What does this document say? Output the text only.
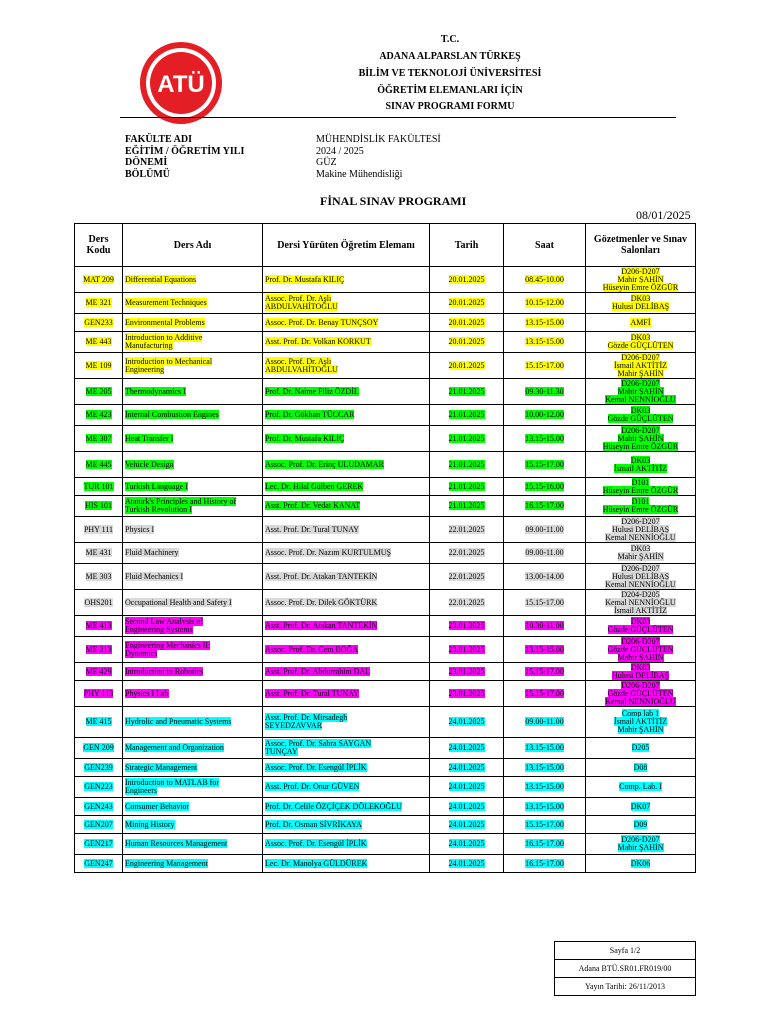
ATÜ
T.C.
ADANA ALPARSLAN TÜRKEŞ
BİLİM VE TEKNOLOJİ ÜNİVERSİTESİ
ÖĞRETİM ELEMANLARI İÇİN
SINAV PROGRAMI FORMU
FAKÜLTE ADI	MÜHENDİSLİK FAKÜLTESİ
EĞİTİM / ÖĞRETİM YILI	2024 / 2025
DÖNEMİ	GÜZ
BÖLÜMÜ	Makine Mühendisliği
FİNAL SINAV PROGRAMI
08/01/2025
Ders Kodu	Ders Adı	Dersi Yürüten Öğretim Elemanı	Tarih	Saat	Gözetmenler ve Sınav Salonları
MAT 209	Differential Equations	Prof. Dr. Mustafa KILIÇ	20.01.2025	08.45-10.00	D206-D207
Mahir ŞAHİN
Hüseyin Emre ÖZGÜR
ME 321	Measurement Techniques	Assoc. Prof. Dr. Aşlı
ABDULVAHİTOĞLU	20.01.2025	10.15-12.00	DK03
Hulusi DELİBAŞ
GEN233	Environmental Problems	Assoc. Prof. Dr. Benay TUNÇSOY	20.01.2025	13.15-15.00	AMFİ
ME 443	Introduction to Additive
Manufacturing	Asst. Prof. Dr. Volkan KORKUT	20.01.2025	13.15-15.00	DK03
Gözde GÜÇLÜTEN
ME 109	Introduction to Mechanical
Engineering	Assoc. Prof. Dr. Aşlı
ABDULVAHİTOĞLU	20.01.2025	15.15-17.00	D206-D207
İsmail AKTİTİZ
Mahir ŞAHİN
ME 205	Thermodynamics I	Prof. Dr. Naime Filiz ÖZDİL	21.01.2025	09.30-11.30	D206-D207
Mahir ŞAHİN
Kemal NENNİOĞLU
ME 423	Internal Combustion Engines	Prof. Dr. Gökhan TÜCCAR	21.01.2025	10.00-12.00	DK03
Gözde GÜÇLÜTEN
ME 307	Heat Transfer I	Prof. Dr. Mustafa KILIÇ	21.01.2025	13.15-15.00	D206-D207
Mahir ŞAHİN
Hüseyin Emre ÖZGÜR
ME 445	Vehicle Design	Assoc. Prof. Dr. Erinç ULUDAMAR	21.01.2025	15.15-17.00	DK03
İsmail AKTİTİZ
TUR 101	Turkish Language I	Lec. Dr. Hilal Gülben GEREK	21.01.2025	15.15-16.00	D101
Hüseyin Emre ÖZGÜR
HIS 101	Ataturk's Principles and History of
Turkish Revolution I	Asst. Prof. Dr. Vedat KANAT	21.01.2025	16.15-17.00	D101
Hüseyin Emre ÖZGÜR
PHY 111	Physics I	Asst. Prof. Dr. Tural TUNAY	22.01.2025	09.00-11.00	D206-D207
Hulusi DELİBAŞ
Kemal NENNİOĞLU
ME 431	Fluid Machinery	Assoc. Prof. Dr. Nazım KURTULMUŞ	22.01.2025	09.00-11.00	DK03
Mahir ŞAHİN
ME 303	Fluid Mechanics I	Asst. Prof. Dr. Atakan TANTEKİN	22.01.2025	13.00-14.00	D206-D207
Hulusi DELİBAŞ
Kemal NENNİOĞLU
OHS201	Occupational Health and Safety I	Assoc. Prof. Dr. Dilek GÖKTÜRK	22.01.2025	15.15-17.00	D204-D205
Kemal NENNİOĞLU
İsmail AKTİTİZ
ME 413	Second Law Analysis of
Engineering Systems	Asst. Prof. Dr. Atakan TANTEKİN	23.01.2025	10.30-11.00	DK03
Gözde GÜÇLÜTEN
ME 213	Engineering Mechanics II:
Dynamics	Assoc. Prof. Dr. Cem BOĞA	23.01.2025	13.15-15.00	D206-D207
Gözde GÜÇLÜTEN
Mahir ŞAHİN
ME 429	Introduction to Robotics	Asst. Prof. Dr. Abdurrahim DAL	23.01.2025	15.15-17.00	DK03
Hulusi DELİBAŞ
PHY 113	Physics I Lab	Asst. Prof. Dr. Tural TUNAY	23.01.2025	15.15-17.00	D206-D207
Gözde GÜÇLÜTEN
Kemal NENNİOĞLU
ME 415	Hydrolic and Pneumatic Systems	Asst. Prof. Dr. Mirsadegh
SEYEDZAVVAR	24.01.2025	09.00-11.00	Comp lab 1
İsmail AKTİTİZ
Mahir ŞAHİN
GEN 209	Management and Organization	Assoc. Prof. Dr. Sabra SAYGAN
TUNÇAY	24.01.2025	13.15-15.00	D205
GEN239	Strategic Management	Assoc. Prof. Dr. Esengül İPLİK	24.01.2025	13.15-15.00	D08
GEN223	Introduction to MATLAB for
Engineers	Asst. Prof. Dr. Onur GÜVEN	24.01.2025	13.15-15.00	Comp. Lab. I
GEN243	Consumer Behavior	Prof. Dr. Celile ÖZÇİÇEK DÖLEKOĞLU	24.01.2025	13.15-15.00	DK07
GEN207	Mining History	Prof. Dr. Osman SİVRİKAYA	24.01.2025	15.15-17.00	D09
GEN217	Human Resources Management	Assoc. Prof. Dr. Esengül İPLİK	24.01.2025	16.15-17.00	D206-D207
Mahir ŞAHİN
GEN247	Engineering Management	Lec. Dr. Manolya GÜLDÜREK	24.01.2025	16.15-17.00	DK06
Sayfa 1/2
Adana BTÜ.SR01.FR019/00
Yayın Tarihi: 26/11/2013
